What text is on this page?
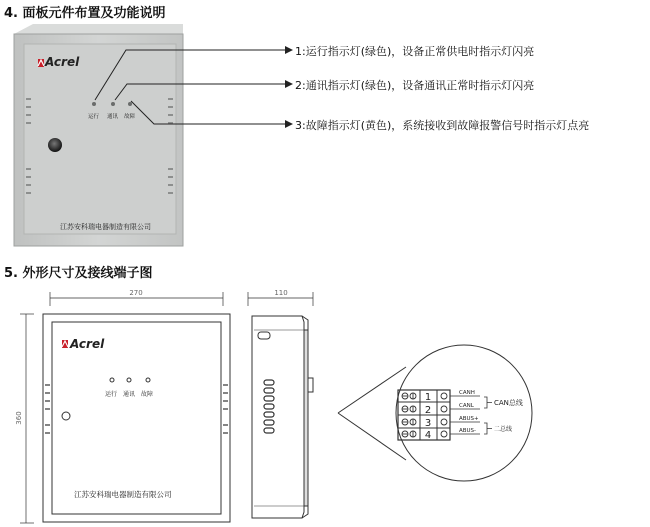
4. 面板元件布置及功能说明
1
2
3
4
CANH
CANL
ABUS+
ABUS-
CAN总线
二总线
270	110
360
Acrel
运行 通讯 故障
江苏安科瑞电器制造有限公司
Acrel
运行 通讯 故障
江苏安科瑞电器制造有限公司
1:运行指示灯(绿色)，设备正常供电时指示灯闪亮
2:通讯指示灯(绿色)，设备通讯正常时指示灯闪亮
3:故障指示灯(黄色)，系统接收到故障报警信号时指示灯点亮
5. 外形尺寸及接线端子图
